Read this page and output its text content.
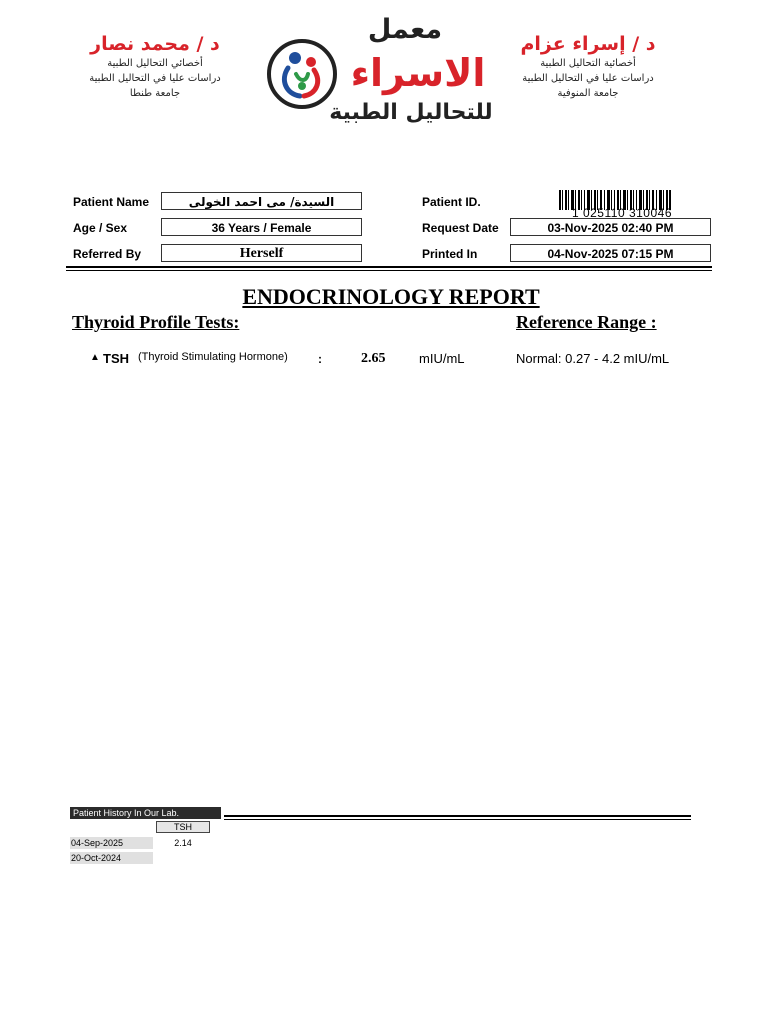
د / محمد نصار
أخصائي التحاليل الطبية
دراسات عليا في التحاليل الطبية
جامعة طنطا
د / إسراء عزام
أخصائية التحاليل الطبية
دراسات عليا في التحاليل الطبية
جامعة المنوفية
معمل
الاسراء
للتحاليل الطبية
Patient Name	السيدة/ مى احمد الخولى
Age / Sex	36 Years / Female
Referred By	Herself
Patient ID.
1 025110 310046
Request Date	03-Nov-2025 02:40 PM
Printed In	04-Nov-2025 07:15 PM
ENDOCRINOLOGY REPORT
Thyroid Profile Tests:	Reference Range :
▲ TSH (Thyroid Stimulating Hormone)	:	2.65	mIU/mL	Normal: 0.27 - 4.2 mIU/mL
Patient History In Our Lab.
TSH
04-Sep-2025	2.14
20-Oct-2024
